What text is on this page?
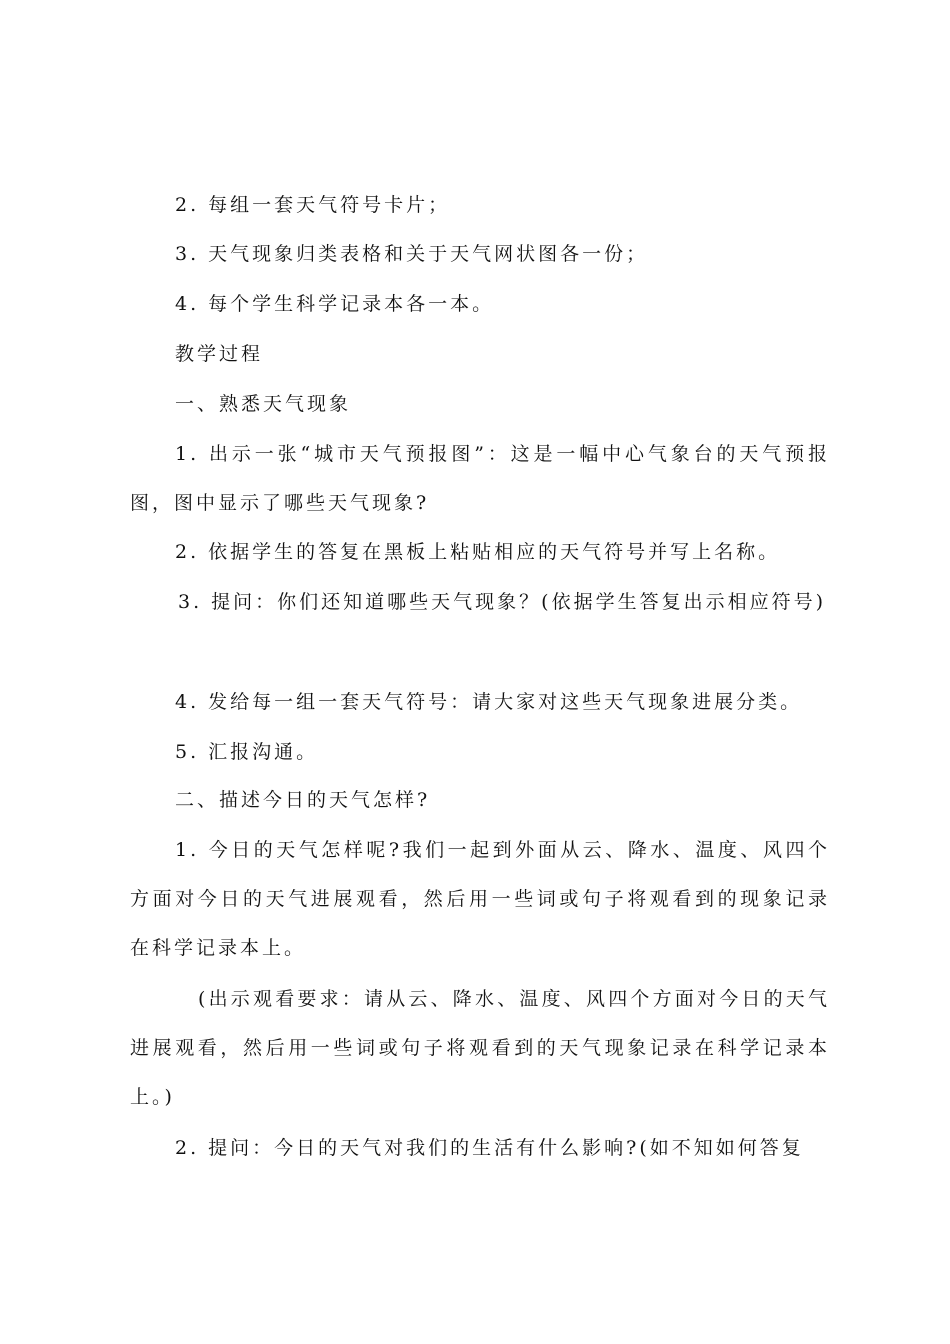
2. 每组一套天气符号卡片；

3. 天气现象归类表格和关于天气网状图各一份；

4. 每个学生科学记录本各一本。

教学过程

一、熟悉天气现象

1. 出示一张“城市天气预报图”：这是一幅中心气象台的天气预报图，图中显示了哪些天气现象?

2. 依据学生的答复在黑板上粘贴相应的天气符号并写上名称。

3. 提问：你们还知道哪些天气现象？(依据学生答复出示相应符号)

4. 发给每一组一套天气符号：请大家对这些天气现象进展分类。

5. 汇报沟通。

二、描述今日的天气怎样?

1. 今日的天气怎样呢?我们一起到外面从云、降水、温度、风四个方面对今日的天气进展观看，然后用一些词或句子将观看到的现象记录在科学记录本上。

(出示观看要求：请从云、降水、温度、风四个方面对今日的天气进展观看，然后用一些词或句子将观看到的天气现象记录在科学记录本上。)

2. 提问：今日的天气对我们的生活有什么影响?(如不知如何答复
